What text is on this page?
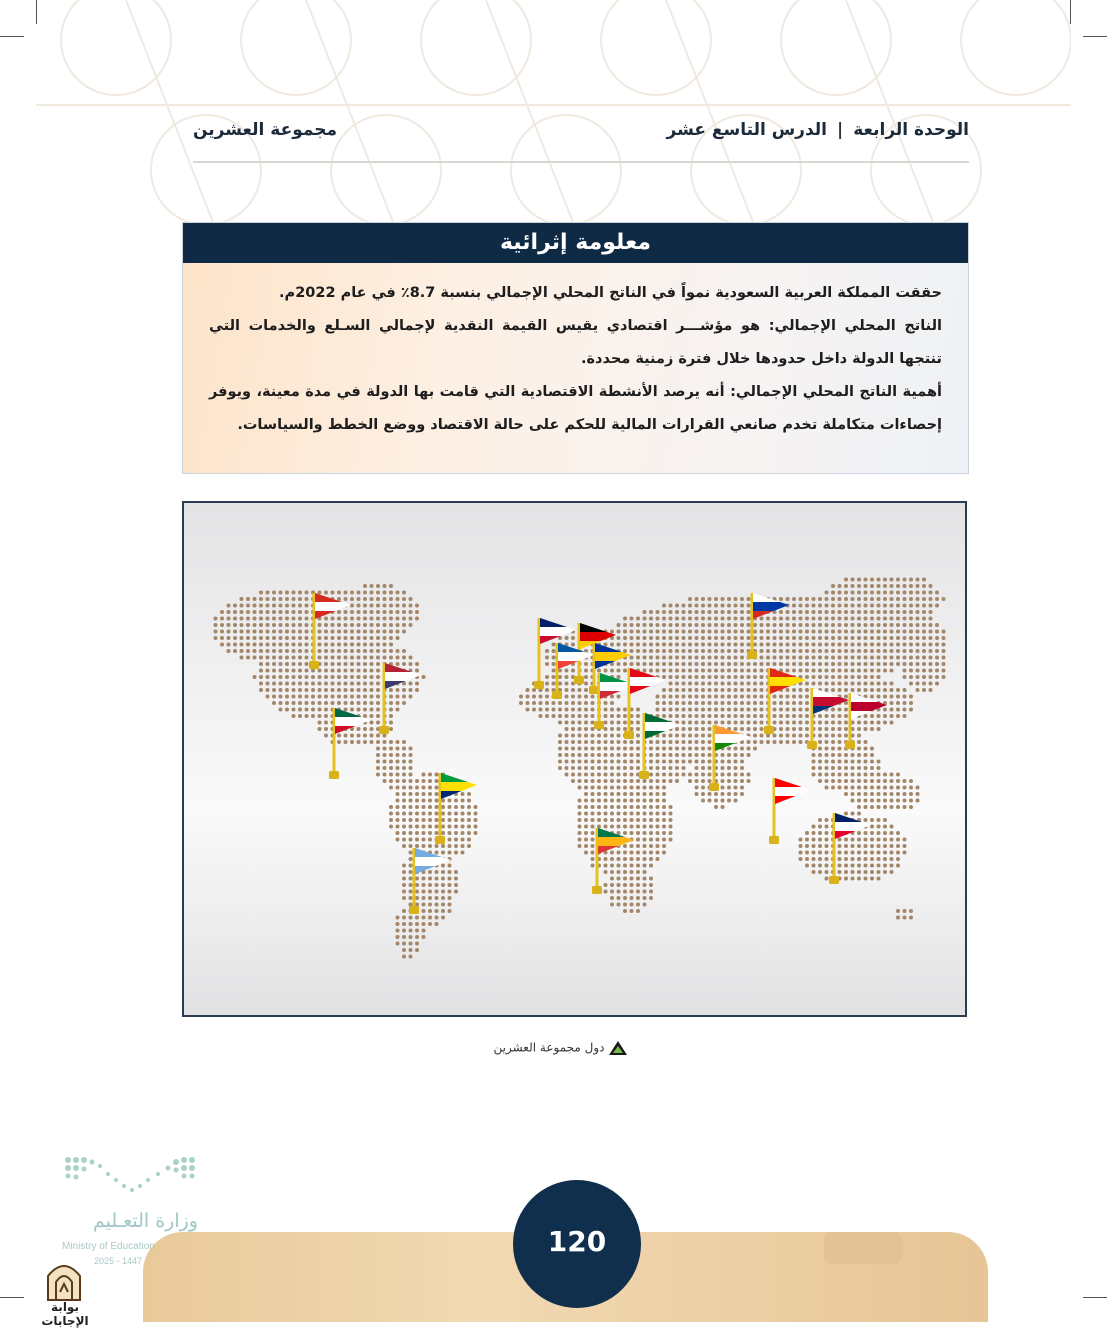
الوحدة الرابعة|الدرس التاسع عشر
مجموعة العشرين
معلومة إثرائية

حققت المملكة العربية السعودية نمواً في الناتج المحلي الإجمالي بنسبة 8.7٪ في عام 2022م.

الناتج المحلي الإجمالي: هو مؤشـــر اقتصادي يقيس القيمة النقدية لإجمالي السـلع والخدمات التي تنتجها الدولة داخل حدودها خلال فترة زمنية محددة.

أهمية الناتج المحلي الإجمالي: أنه يرصد الأنشطة الاقتصادية التي قامت بها الدولة في مدة معينة، ويوفر إحصاءات متكاملة تخدم صانعي القرارات المالية للحكم على حالة الاقتصاد ووضع الخطط والسياسات.

دول مجموعة العشرين
120
وزارة التعـليم
Ministry of Education
2025 - 1447
بوابة الإجابات
